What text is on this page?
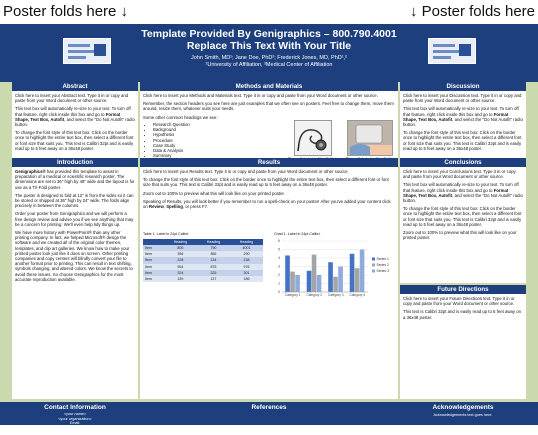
Poster folds here ↓	↓ Poster folds here
Template Provided By Genigraphics – 800.790.4001
Replace This Text With Your Title
John Smith, MD¹; Jane Doe, PhD²; Frederick Jones, MD, PhD¹,²
¹University of Affiliation, ²Medical Center of Affiliation
Abstract

Click here to insert your Abstract text. Type it in or copy and paste from your Word document or other source.

This text box will automatically re-size to your text. To turn off that feature, right click inside this box and go to Format Shape, Text Box, Autofit, and select the "Do Not Autofit" radio button.

To change the font style of this text box: Click on the border once to highlight the entire text box, then select a different font or font size that suits you. This text is Calibri 32pt and is easily read up to 5 feet away on a 36x48 poster.

Introduction

Genigraphics® has provided this template to assist in preparation of a medical or scientific research poster. The dimensions are set to 36" high by 48" wide and the layout is for use as a Tri-Fold poster.

The poster is designed to fold at 12" in from the sides so it can be stored or shipped at 36" high by 24" wide. The folds align precisely in between the columns.

Order your poster from Genigraphics and we will perform a free design review and advise you if we see anything that may be a concern for printing. We'll even help tidy things up.

We have more history with PowerPoint® than any other printing company. In fact, we helped Microsoft® design the software and we created all of the original color themes, templates, and clip art galleries. We know how to make your printed poster look just like it does on screen. Other printing companies and copy centers will blindly convert your file to another format prior to printing. This can result in text shifting, symbols changing, and altered colors. We know the secrets to avoid these issues. So choose Genigraphics for the most accurate reproduction available.

Methods and Materials

Click here to insert your Methods and Materials text. Type it in or copy and paste from your Word document or other source.

Remember, the section headers you see here are just examples that we often see on posters. Feel free to change them, move them around, resize them, whatever suits your needs.

Some other common headings we see:

• Research Question
• Background
• Hypothesis
• Procedure
• Case Study
• Data & Analysis
• Summary
Results

Click here to insert your Results text. Type it in or copy and paste from your Word document or other source.

To change the font style of this text box: Click on the border once to highlight the entire text box, then select a different font or font size that suits you. This text is Calibri 32pt and is easily read up to 5 feet away on a 36x48 poster.

Zoom out to 100% to preview what this will look like on your printed poster.

Speaking of Results, you will look better if you remember to run a spell-check on your poster! After you've added your content click on Review, Spelling, or press F7.

Table 1. Label in 24pt Calibri.
	Heading	Heading	Heading
Item	800	790	4001
Item	356	856	290
Item	228	134	238
Item	954	875	976
Item	324	325	301
Item	159	137	186
Chart 1. Label in 24pt Calibri.
0
1
2
3
4
5
6
Category 1 Category 2 Category 3 Category 4
Series 1
Series 2
Series 3
Discussion

Click here to insert your Discussion text. Type it in or copy and paste from your Word document or other source.

This text box will automatically re-size to your text. To turn off that feature, right click inside this box and go to Format Shape, Text Box, Autofit, and select the "Do Not Autofit" radio button.

To change the font style of this text box: Click on the border once to highlight the entire text box, then select a different font or font size that suits you. This text is Calibri 32pt and is easily read up to 5 feet away on a 36x48 poster.

Conclusions

Click here to insert your Conclusions text. Type it in or copy and paste from your Word document or other source.

This text box will automatically re-size to your text. To turn off that feature, right click inside this box and go to Format Shape, Text Box, Autofit, and select the "Do Not Autofit" radio button.

To change the font style of this text box: Click on the border once to highlight the entire text box, then select a different font or font size that suits you. This text is Calibri 32pt and is easily read up to 5 feet away on a 36x48 poster.

Zoom out to 100% to preview what this will look like on your printed poster.

Future Directions

Click here to insert your Future Directions text. Type it in or copy and paste from your Word document or other source.

This text is Calibri 32pt and is easily read up to 5 feet away on a 36x48 poster.

Contact Information
<your name>
<your organization>
Email:
Website:
Phone:
References	Acknowledgements
Acknowledgements text goes here.
